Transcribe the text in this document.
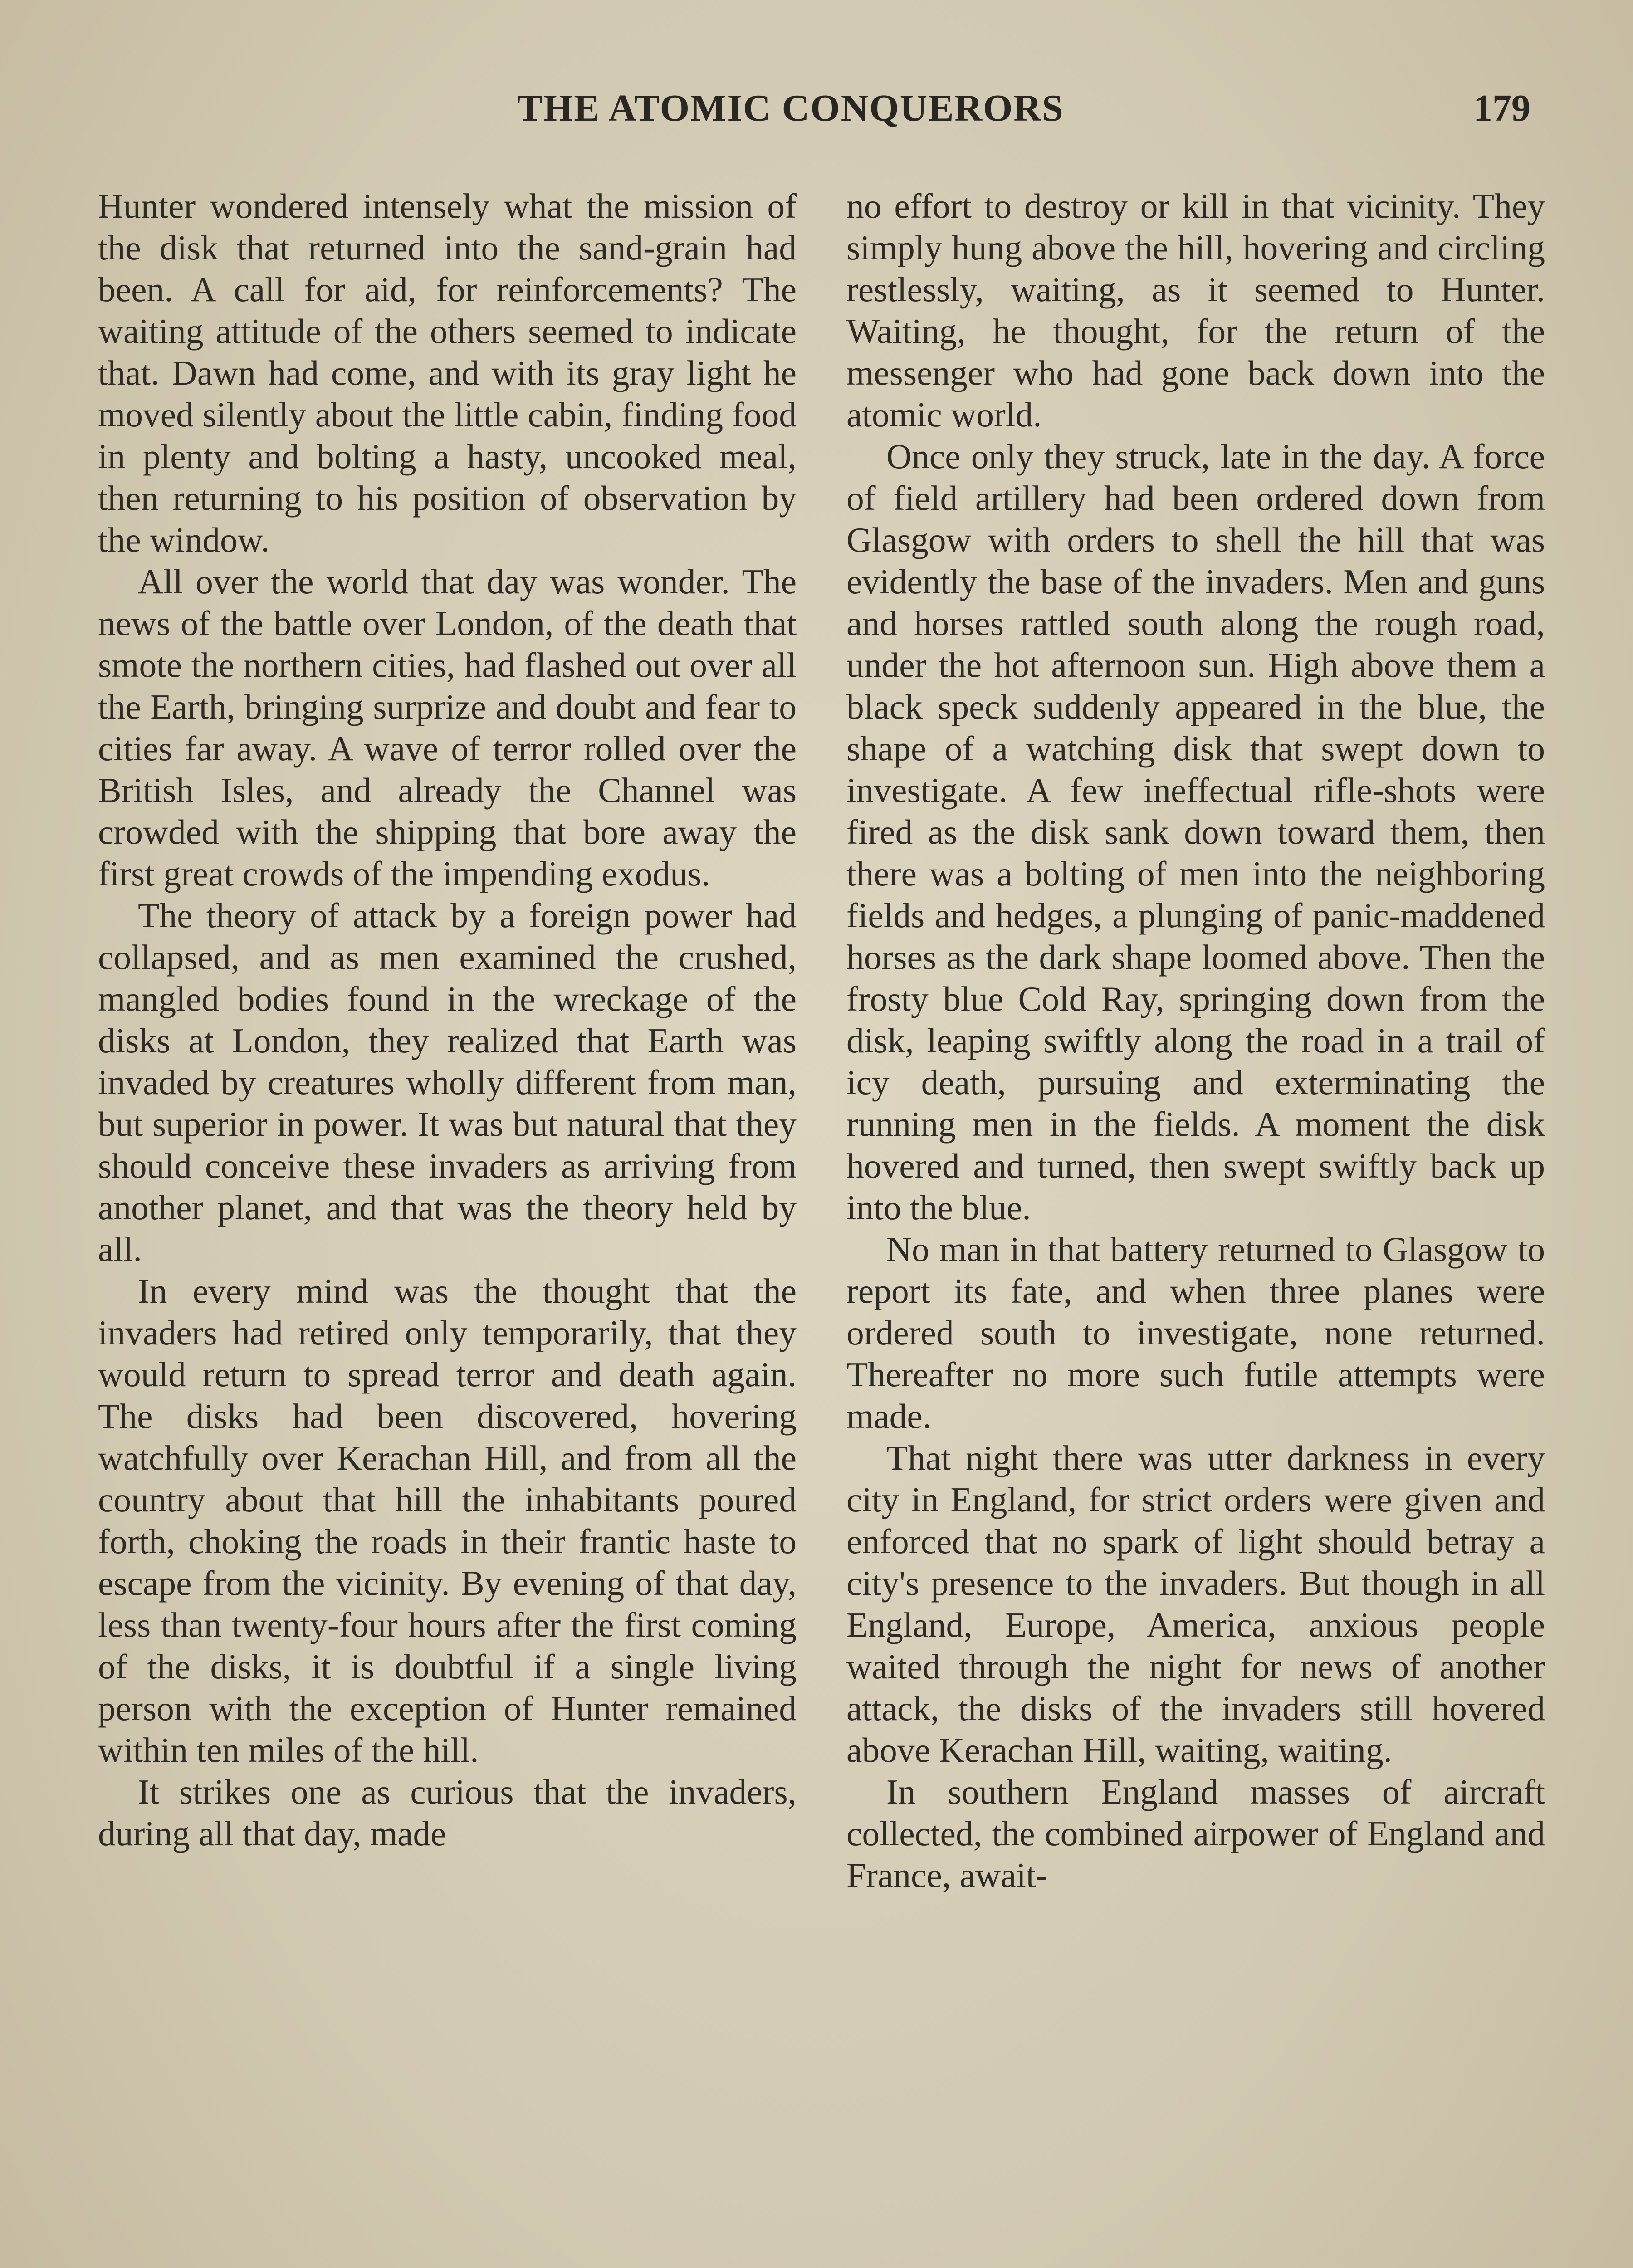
THE ATOMIC CONQUERORS	179

Hunter wondered intensely what the mission of the disk that returned into the sand-grain had been. A call for aid, for reinforcements? The waiting attitude of the others seemed to indicate that. Dawn had come, and with its gray light he moved silently about the little cabin, finding food in plenty and bolting a hasty, uncooked meal, then returning to his position of observation by the window.

All over the world that day was wonder. The news of the battle over London, of the death that smote the northern cities, had flashed out over all the Earth, bringing surprize and doubt and fear to cities far away. A wave of terror rolled over the British Isles, and already the Channel was crowded with the shipping that bore away the first great crowds of the impending exodus.

The theory of attack by a foreign power had collapsed, and as men examined the crushed, mangled bodies found in the wreckage of the disks at London, they realized that Earth was invaded by creatures wholly different from man, but superior in power. It was but natural that they should conceive these invaders as arriving from another planet, and that was the theory held by all.

In every mind was the thought that the invaders had retired only temporarily, that they would return to spread terror and death again. The disks had been discovered, hovering watchfully over Kerachan Hill, and from all the country about that hill the inhabitants poured forth, choking the roads in their frantic haste to escape from the vicinity. By evening of that day, less than twenty-four hours after the first coming of the disks, it is doubtful if a single living person with the exception of Hunter remained within ten miles of the hill.

It strikes one as curious that the invaders, during all that day, made

no effort to destroy or kill in that vicinity. They simply hung above the hill, hovering and circling restlessly, waiting, as it seemed to Hunter. Waiting, he thought, for the return of the messenger who had gone back down into the atomic world.

Once only they struck, late in the day. A force of field artillery had been ordered down from Glasgow with orders to shell the hill that was evidently the base of the invaders. Men and guns and horses rattled south along the rough road, under the hot afternoon sun. High above them a black speck suddenly appeared in the blue, the shape of a watching disk that swept down to investigate. A few ineffectual rifle-shots were fired as the disk sank down toward them, then there was a bolting of men into the neighboring fields and hedges, a plunging of panic-maddened horses as the dark shape loomed above. Then the frosty blue Cold Ray, springing down from the disk, leaping swiftly along the road in a trail of icy death, pursuing and exterminating the running men in the fields. A moment the disk hovered and turned, then swept swiftly back up into the blue.

No man in that battery returned to Glasgow to report its fate, and when three planes were ordered south to investigate, none returned. Thereafter no more such futile attempts were made.

That night there was utter darkness in every city in England, for strict orders were given and enforced that no spark of light should betray a city's presence to the invaders. But though in all England, Europe, America, anxious people waited through the night for news of another attack, the disks of the invaders still hovered above Kerachan Hill, waiting, waiting.

In southern England masses of aircraft collected, the combined airpower of England and France, await-
